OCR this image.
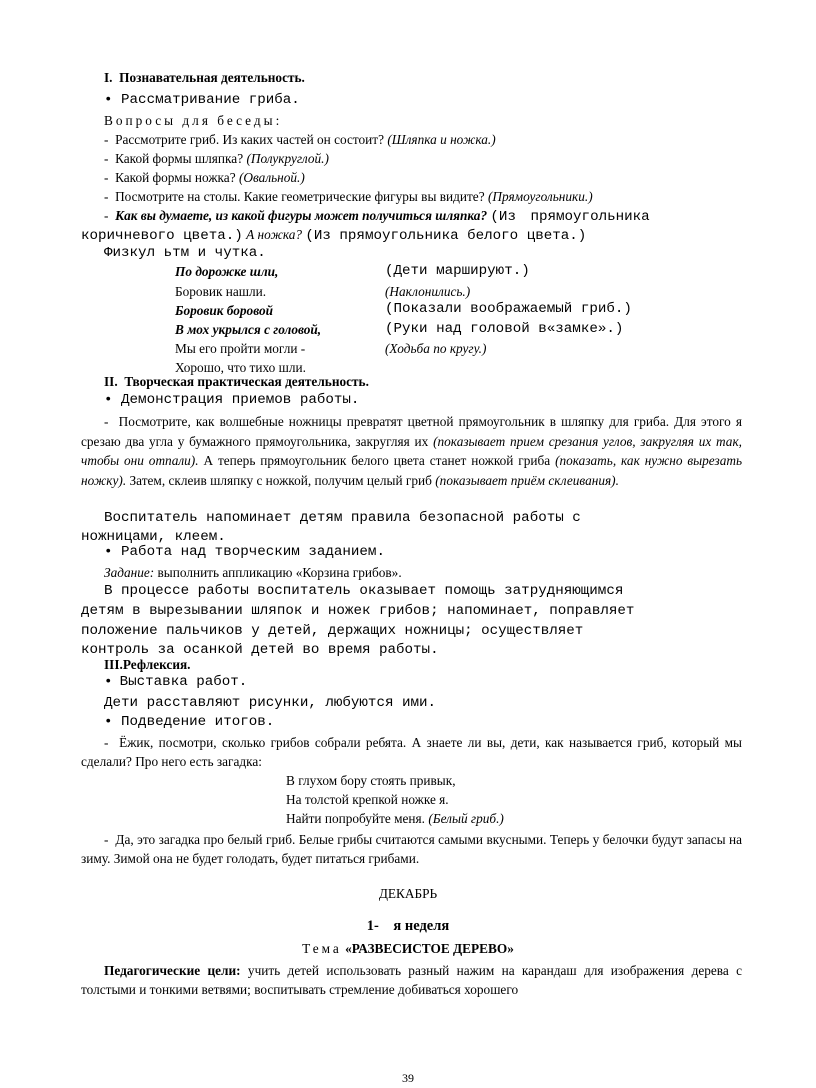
I. Познавательная деятельность.
• Рассматривание гриба.
Вопросы для беседы:
-  Рассмотрите гриб. Из каких частей он состоит? (Шляпка и ножка.)
-  Какой формы шляпка? (Полукруглой.)
-  Какой формы ножка? (Овальной.)
-  Посмотрите на столы. Какие геометрические фигуры вы видите? (Прямоугольники.)
-  Как вы думаете, из какой фигуры может получиться шляпка? (Из прямоугольника
коричневого цвета.) А ножка? (Из прямоугольника белого цвета.)
Физкул ьтм и чутка.
По дорожке шли,	(Дети маршируют.)
Боровик нашли.	(Наклонились.)
Боровик боровой	(Показали воображаемый гриб.)
В мох укрылся с головой,	(Руки над головой в«замке».)
Мы его пройти могли -	(Ходьба по кругу.)
Хорошо, что тихо шли.
II. Творческая практическая деятельность.
• Демонстрация приемов работы.
- Посмотрите, как волшебные ножницы превратят цветной прямоугольник в шляпку для гриба. Для этого я срезаю два угла у бумажного прямоугольника, закругляя их (показывает прием срезания углов, закругляя их так, чтобы они отпали). А теперь прямоугольник белого цвета станет ножкой гриба (показать, как нужно вырезать ножку). Затем, склеив шляпку с ножкой, получим целый гриб (показывает приём склеивания).
Воспитатель напоминает детям правила безопасной работы с
ножницами, клеем.
• Работа над творческим заданием.
Задание: выполнить аппликацию «Корзина грибов».
В процессе работы воспитатель оказывает помощь затрудняющимся
детям в вырезывании шляпок и ножек грибов; напоминает, поправляет
положение пальчиков у детей, держащих ножницы; осуществляет
контроль за осанкой детей во время работы.
III.Рефлексия.
• Выставка работ.
Дети расставляют рисунки, любуются ими.
• Подведение итогов.
- Ёжик, посмотри, сколько грибов собрали ребята. А знаете ли вы, дети, как называется гриб, который мы сделали? Про него есть загадка:
В глухом бору стоять привык,
На толстой крепкой ножке я.
Найти попробуйте меня. (Белый гриб.)
- Да, это загадка про белый гриб. Белые грибы считаются самыми вкусными. Теперь у белочки будут запасы на зиму. Зимой она не будет голодать, будет питаться грибами.
ДЕКАБРЬ
1-  я неделя
Тема «РАЗВЕСИСТОЕ ДЕРЕВО»
Педагогические цели: учить детей использовать разный нажим на карандаш для изображения дерева с толстыми и тонкими ветвями; воспитывать стремление добиваться хорошего
39
